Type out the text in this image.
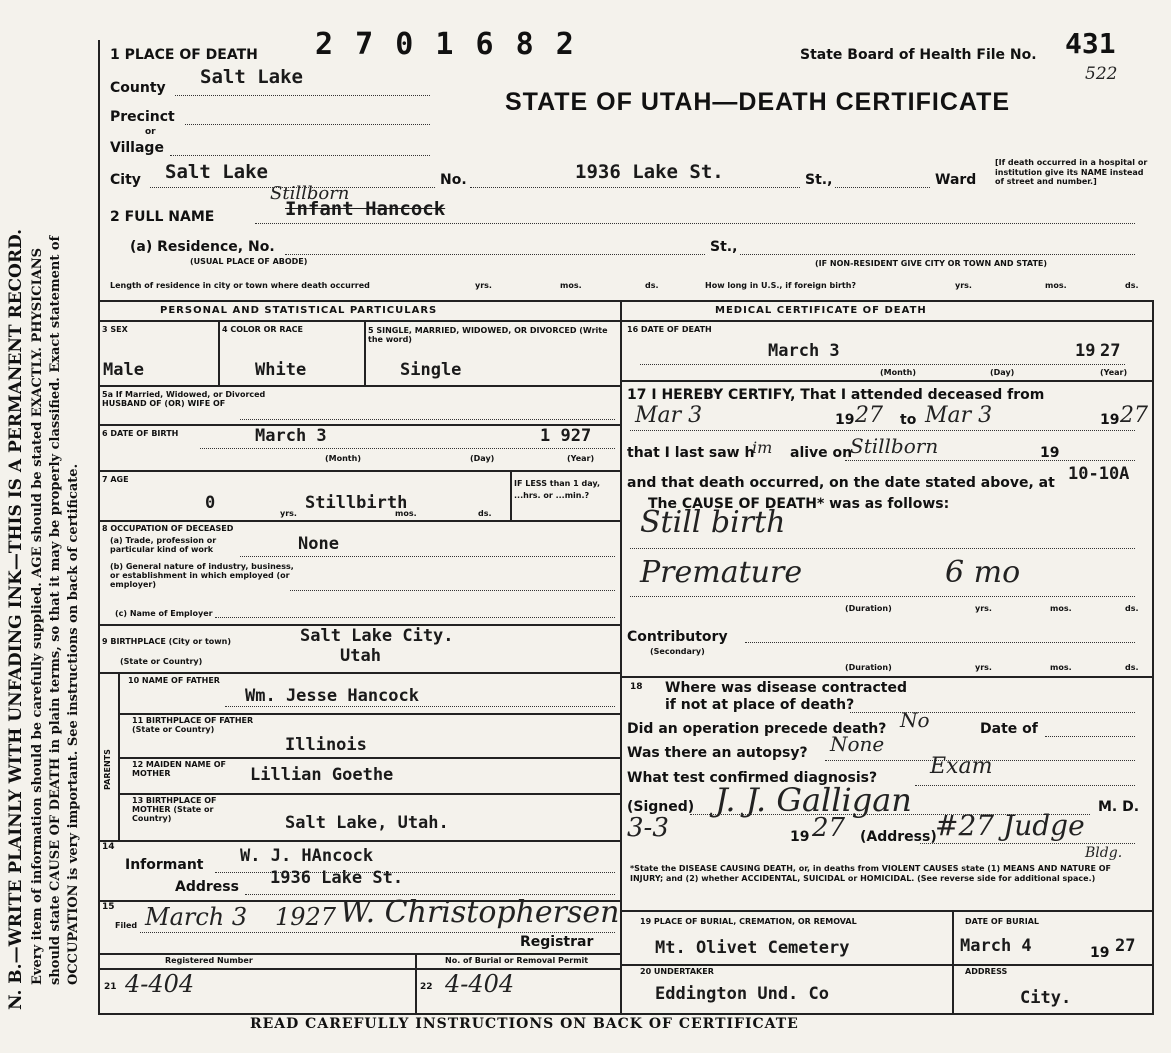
N. B.—WRITE PLAINLY WITH UNFADING INK—THIS IS A PERMANENT RECORD. Every item of information should be carefully supplied. AGE should be stated EXACTLY. PHYSICIANS should state CAUSE OF DEATH in plain terms, so that it may be properly classified. Exact statement of OCCUPATION is very important. See instructions on back of certificate.
1 PLACE OF DEATH 2 7 0 1 6 8 2	State Board of Health File No. 431
522
STATE OF UTAH—DEATH CERTIFICATE
County Salt Lake
Precinct
or
Village
City Salt Lake	No.	1936 Lake St.	St.,	Ward
[If death occurred in a hospital or institution give its NAME instead of street and number.]
2 FULL NAME	Infant Hancock
Stillborn
(a) Residence, No.
(USUAL PLACE OF ABODE)
St.,
(IF NON-RESIDENT GIVE CITY OR TOWN AND STATE)
Length of residence in city or town where death occurred	yrs.	mos.	ds.	How long in U.S., if foreign birth?	yrs.	mos.	ds.
PERSONAL AND STATISTICAL PARTICULARS
3 SEX	4 COLOR OR RACE	5 SINGLE, MARRIED, WIDOWED, OR DIVORCED (Write the word)
Male	White	Single
5a If Married, Widowed, or Divorced HUSBAND OF (OR) WIFE OF
6 DATE OF BIRTH	March 3	1 927
(Month)	(Day)	(Year)
7 AGE
0	Stillbirth
yrs.	mos.	ds.
IF LESS than 1 day, ...hrs. or ...min.?
8 OCCUPATION OF DECEASED
(a) Trade, profession or particular kind of work	None
(b) General nature of industry, business, or establishment in which employed (or employer)
(c) Name of Employer
9 BIRTHPLACE (City or town)	Salt Lake City.
(State or Country)	Utah
PARENTS
10 NAME OF FATHER
Wm. Jesse Hancock
11 BIRTHPLACE OF FATHER (State or Country)
Illinois
12 MAIDEN NAME OF MOTHER	Lillian Goethe
13 BIRTHPLACE OF MOTHER (State or Country)	Salt Lake, Utah.
14
Informant W. J. HAncock
Address 1936 Lake St.
15
Filed March 3 1927 W. Christophersen
Registrar
Registered Number	No. of Burial or Removal Permit
21 4-404	22 4-404
MEDICAL CERTIFICATE OF DEATH
16 DATE OF DEATH
March 3	19 27
(Month)	(Day)	(Year)
17 I HEREBY CERTIFY, That I attended deceased from
Mar 3	19 27 to Mar 3	19 27
that I last saw h
im alive on
Stillborn	19
and that death occurred, on the date stated above, at 10-10A
The CAUSE OF DEATH* was as follows:
Still birth
Premature	6 mo
(Duration)	yrs.	mos.	ds.
Contributory
(Secondary)
(Duration)	yrs.	mos.	ds.
18 Where was disease contracted
if not at place of death?
Did an operation precede death? No	Date of
Was there an autopsy? None
What test confirmed diagnosis? Exam
(Signed) J. J. Galligan	M. D.
3-3	19 27 (Address)
#27 Judge
Bldg.
*State the DISEASE CAUSING DEATH, or, in deaths from VIOLENT CAUSES state (1) MEANS AND NATURE OF INJURY; and (2) whether ACCIDENTAL, SUICIDAL or HOMICIDAL. (See reverse side for additional space.)
19 PLACE OF BURIAL, CREMATION, OR REMOVAL
Mt. Olivet Cemetery
DATE OF BURIAL
March 4	19 27
20 UNDERTAKER
Eddington Und. Co
ADDRESS
City.
READ CAREFULLY INSTRUCTIONS ON BACK OF CERTIFICATE
